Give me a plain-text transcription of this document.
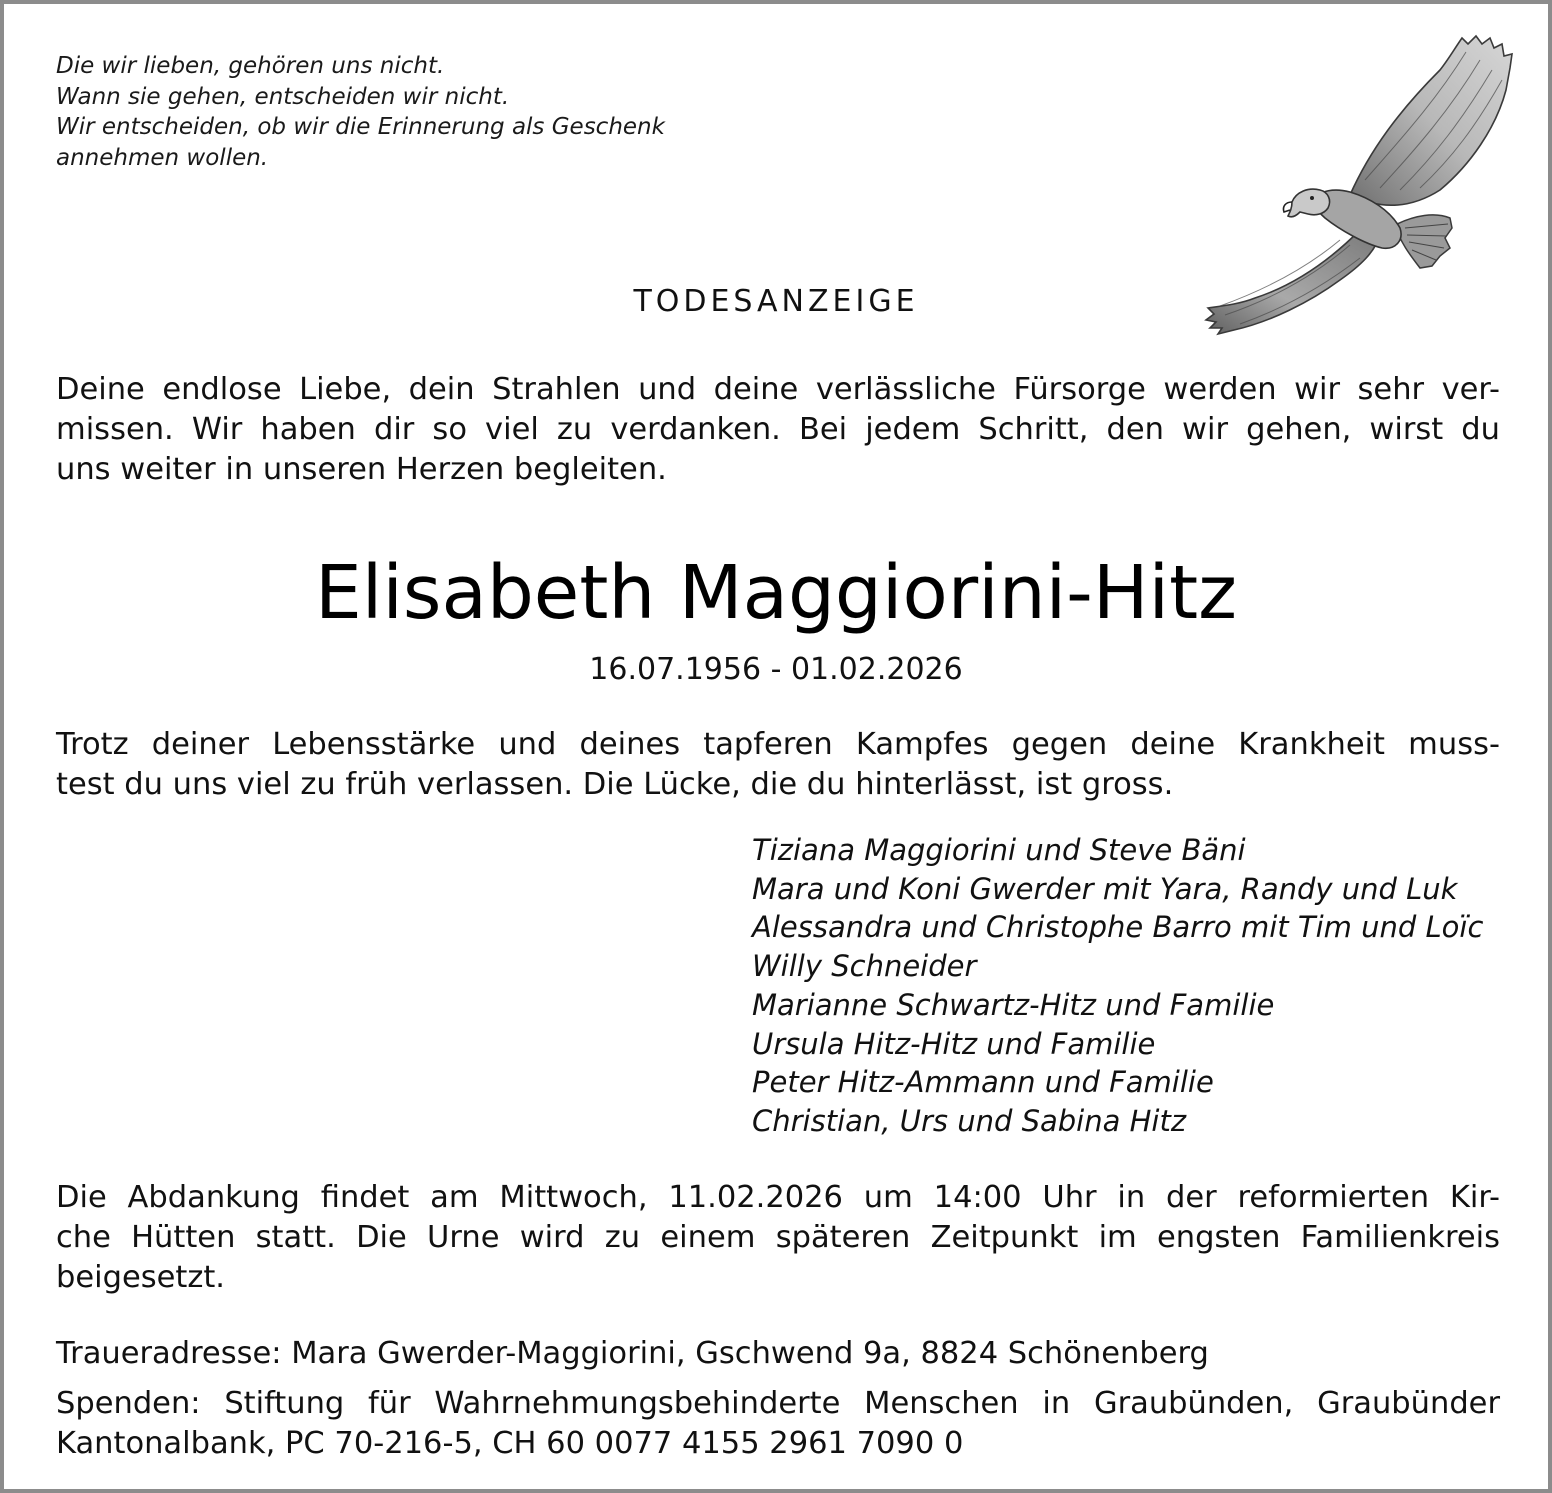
Die wir lieben, gehören uns nicht.
Wann sie gehen, entscheiden wir nicht.
Wir entscheiden, ob wir die Erinnerung als Geschenk
annehmen wollen.
TODESANZEIGE
Deine endlose Liebe, dein Strahlen und deine verlässliche Fürsorge werden wir sehr ver-
missen. Wir haben dir so viel zu verdanken. Bei jedem Schritt, den wir gehen, wirst du
uns weiter in unseren Herzen begleiten.
Elisabeth Maggiorini-Hitz
16.07.1956 - 01.02.2026
Trotz deiner Lebensstärke und deines tapferen Kampfes gegen deine Krankheit muss-
test du uns viel zu früh verlassen. Die Lücke, die du hinterlässt, ist gross.
Tiziana Maggiorini und Steve Bäni
Mara und Koni Gwerder mit Yara, Randy und Luk
Alessandra und Christophe Barro mit Tim und Loïc
Willy Schneider
Marianne Schwartz-Hitz und Familie
Ursula Hitz-Hitz und Familie
Peter Hitz-Ammann und Familie
Christian, Urs und Sabina Hitz
Die Abdankung findet am Mittwoch, 11.02.2026 um 14:00 Uhr in der reformierten Kir-
che Hütten statt. Die Urne wird zu einem späteren Zeitpunkt im engsten Familienkreis
beigesetzt.
Traueradresse: Mara Gwerder-Maggiorini, Gschwend 9a, 8824 Schönenberg
Spenden: Stiftung für Wahrnehmungsbehinderte Menschen in Graubünden, Graubünder
Kantonalbank, PC 70-216-5, CH 60 0077 4155 2961 7090 0
